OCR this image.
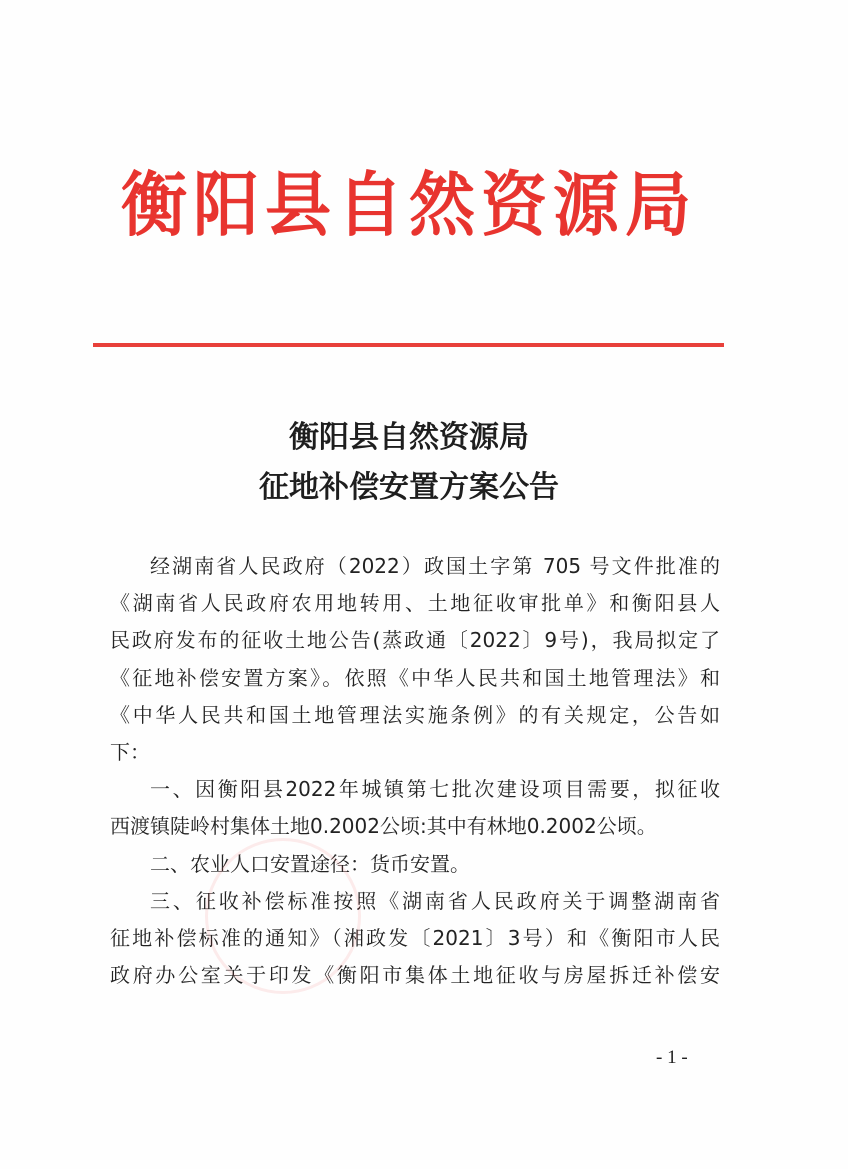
衡阳县自然资源局
衡阳县自然资源局
征地补偿安置方案公告
经湖南省人民政府（2022）政国土字第 705 号文件批准的
《湖南省人民政府农用地转用、土地征收审批单》和衡阳县人
民政府发布的征收土地公告(蒸政通〔2022〕9号)，我局拟定了
《征地补偿安置方案》。依照《中华人民共和国土地管理法》和
《中华人民共和国土地管理法实施条例》的有关规定，公告如
下：
一、因衡阳县2022年城镇第七批次建设项目需要，拟征收
西渡镇陡岭村集体土地0.2002公顷:其中有林地0.2002公顷。
二、农业人口安置途径：货币安置。
三、征收补偿标准按照《湖南省人民政府关于调整湖南省
征地补偿标准的通知》（湘政发〔2021〕3号）和《衡阳市人民
政府办公室关于印发《衡阳市集体土地征收与房屋拆迁补偿安
- 1 -
